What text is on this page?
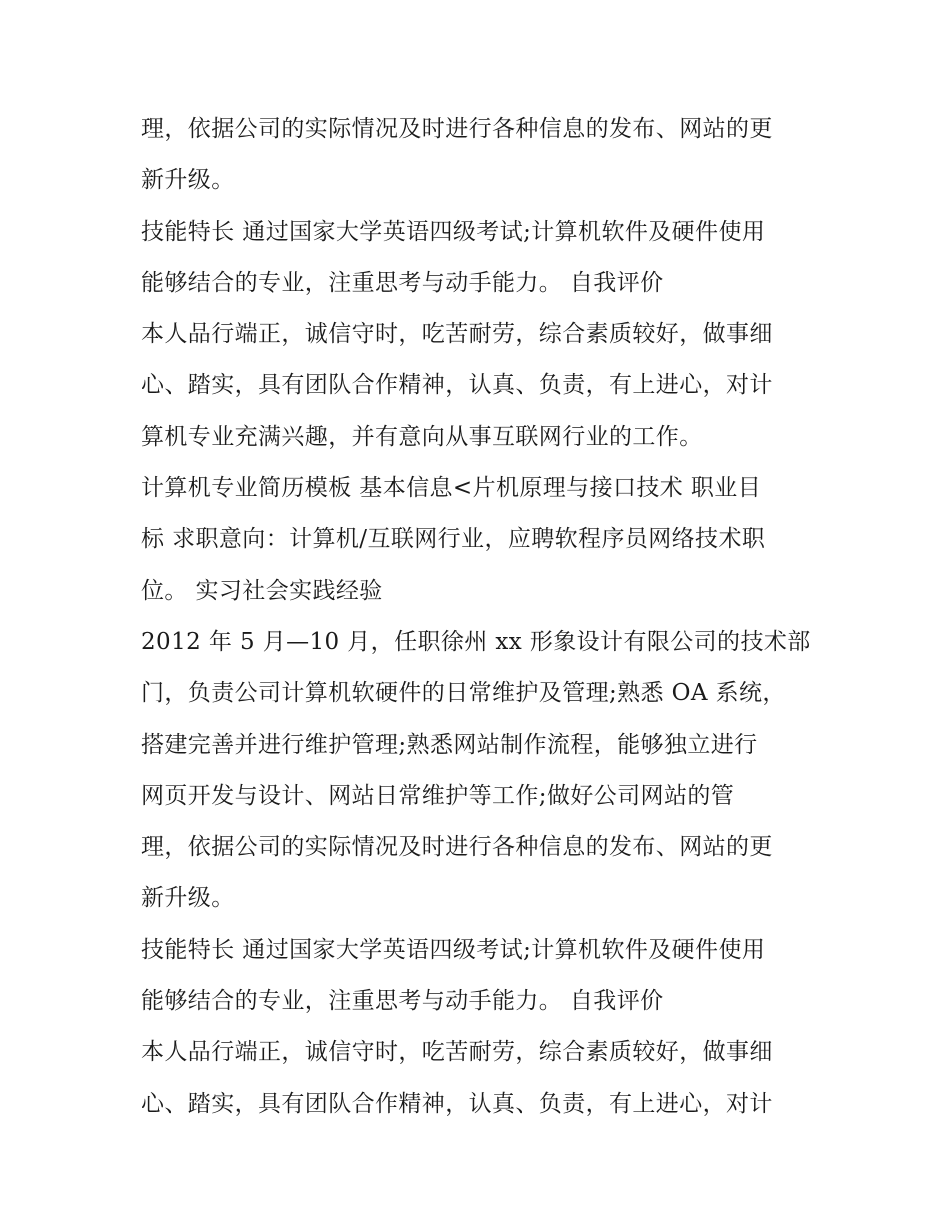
理，依据公司的实际情况及时进行各种信息的发布、网站的更
新升级。
技能特长 通过国家大学英语四级考试;计算机软件及硬件使用
能够结合的专业，注重思考与动手能力。 自我评价
本人品行端正，诚信守时，吃苦耐劳，综合素质较好，做事细
心、踏实，具有团队合作精神，认真、负责，有上进心，对计
算机专业充满兴趣，并有意向从事互联网行业的工作。
计算机专业简历模板 基本信息<片机原理与接口技术 职业目
标 求职意向：计算机/互联网行业，应聘软程序员网络技术职
位。 实习社会实践经验
2012 年 5 月—10 月，任职徐州 xx 形象设计有限公司的技术部
门，负责公司计算机软硬件的日常维护及管理;熟悉 OA 系统，
搭建完善并进行维护管理;熟悉网站制作流程，能够独立进行
网页开发与设计、网站日常维护等工作;做好公司网站的管
理，依据公司的实际情况及时进行各种信息的发布、网站的更
新升级。
技能特长 通过国家大学英语四级考试;计算机软件及硬件使用
能够结合的专业，注重思考与动手能力。 自我评价
本人品行端正，诚信守时，吃苦耐劳，综合素质较好，做事细
心、踏实，具有团队合作精神，认真、负责，有上进心，对计
